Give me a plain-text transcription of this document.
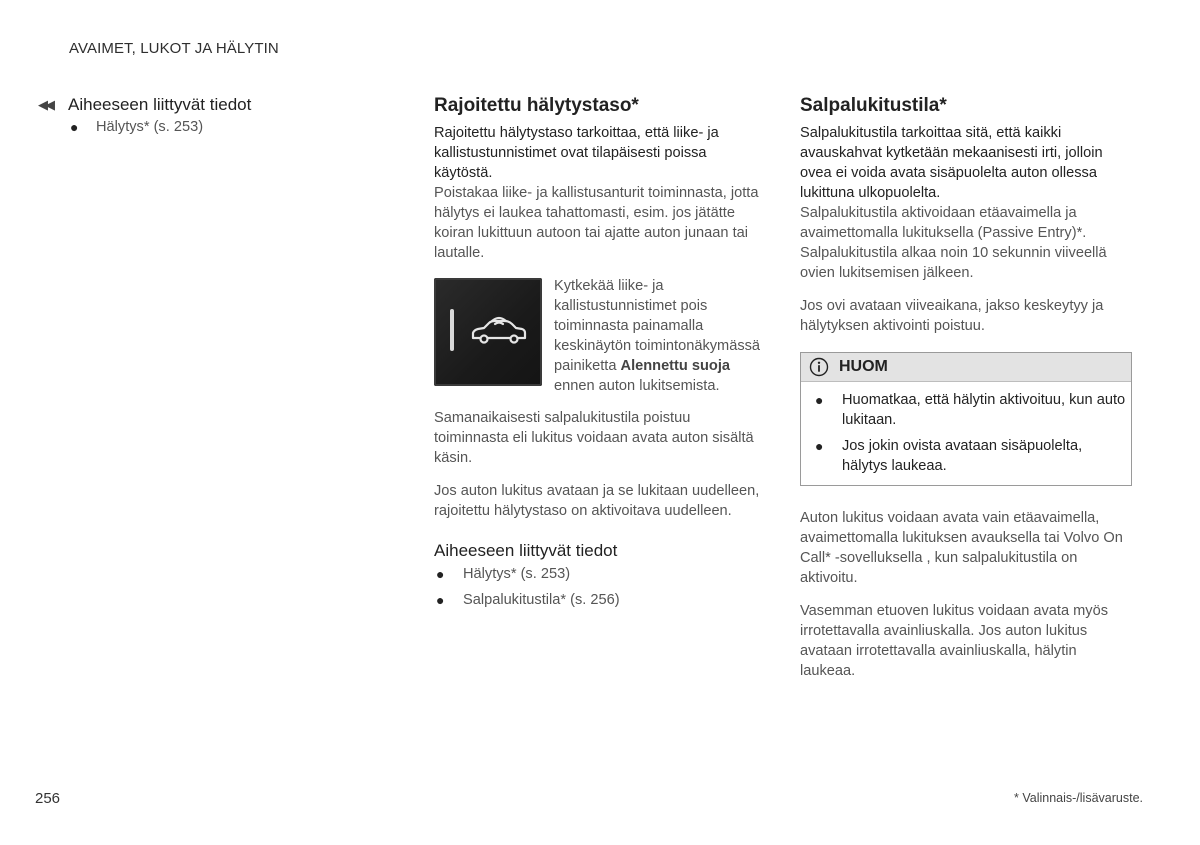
AVAIMET, LUKOT JA HÄLYTIN
◀◀ Aiheeseen liittyvät tiedot
● Hälytys* (s. 253)
Rajoitettu hälytystaso*

Rajoitettu hälytystaso tarkoittaa, että liike- ja kallistustunnistimet ovat tilapäisesti poissa käytöstä.

Poistakaa liike- ja kallistusanturit toiminnasta, jotta hälytys ei laukea tahattomasti, esim. jos jätätte koiran lukittuun autoon tai ajatte auton junaan tai lautalle.

Kytkekää liike- ja kallistustunnistimet pois toiminnasta painamalla keskinäytön toimintonäkymässä painiketta Alennettu suoja ennen auton lukitsemista.

Samanaikaisesti salpalukitustila poistuu toiminnasta eli lukitus voidaan avata auton sisältä käsin.

Jos auton lukitus avataan ja se lukitaan uudelleen, rajoitettu hälytystaso on aktivoitava uudelleen.

Aiheeseen liittyvät tiedot
● Hälytys* (s. 253)
● Salpalukitustila* (s. 256)
Salpalukitustila*

Salpalukitustila tarkoittaa sitä, että kaikki avauskahvat kytketään mekaanisesti irti, jolloin ovea ei voida avata sisäpuolelta auton ollessa lukittuna ulkopuolelta.

Salpalukitustila aktivoidaan etäavaimella ja avaimettomalla lukituksella (Passive Entry)*. Salpalukitustila alkaa noin 10 sekunnin viiveellä ovien lukitsemisen jälkeen.

Jos ovi avataan viiveaikana, jakso keskeytyy ja hälytyksen aktivointi poistuu.

HUOM
● Huomatkaa, että hälytin aktivoituu, kun auto lukitaan.
● Jos jokin ovista avataan sisäpuolelta, hälytys laukeaa.

Auton lukitus voidaan avata vain etäavaimella, avaimettomalla lukituksen avauksella tai Volvo On Call* -sovelluksella , kun salpalukitustila on aktivoitu.

Vasemman etuoven lukitus voidaan avata myös irrotettavalla avainliuskalla. Jos auton lukitus avataan irrotettavalla avainliuskalla, hälytin laukeaa.

256	* Valinnais-/lisävaruste.
